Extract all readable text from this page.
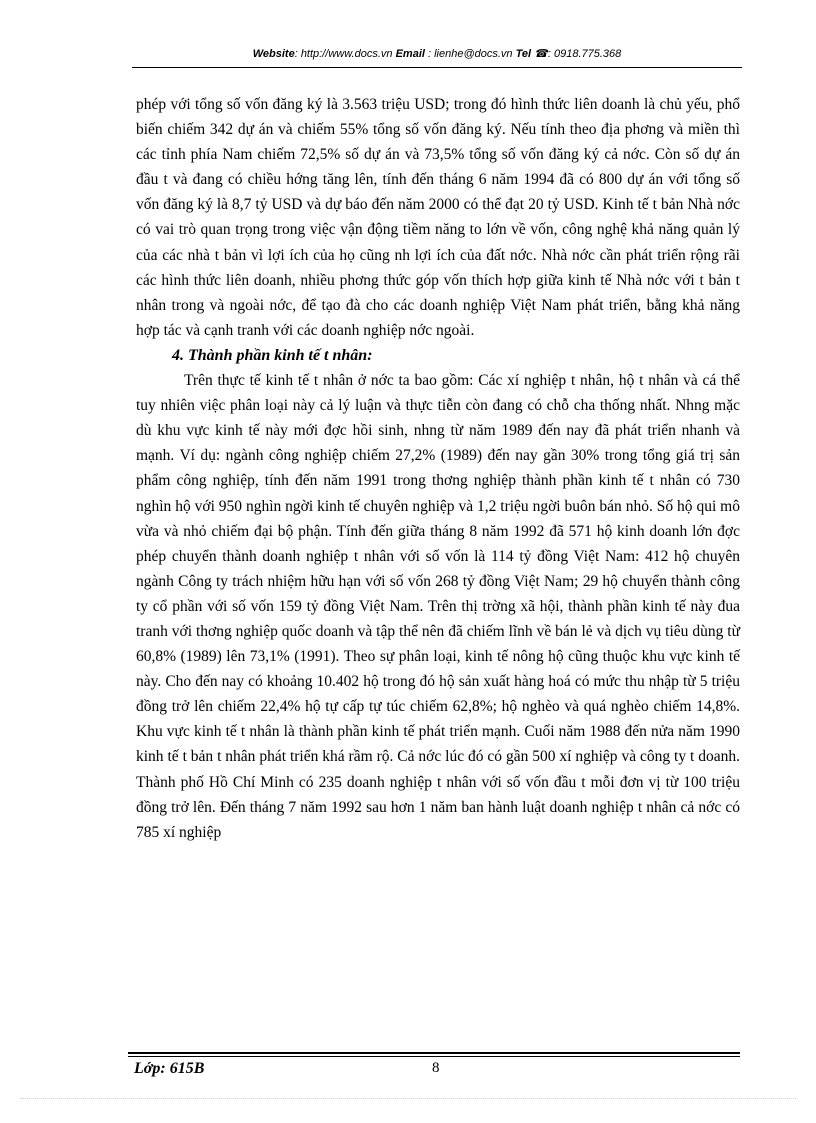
Website: http://www.docs.vn Email : lienhe@docs.vn Tel ☎: 0918.775.368

phép với tổng số vốn đăng ký là 3.563 triệu USD; trong đó hình thức liên doanh là chủ yếu, phổ biến chiếm 342 dự án và chiếm 55% tổng số vốn đăng ký. Nếu tính theo địa phơng và miền thì các tỉnh phía Nam chiếm 72,5% số dự án và 73,5% tổng số vốn đăng ký cả nớc. Còn số dự án đầu t và đang có chiều hớng tăng lên, tính đến tháng 6 năm 1994 đã có 800 dự án với tổng số vốn đăng ký là 8,7 tỷ USD và dự báo đến năm 2000 có thể đạt 20 tỷ USD. Kinh tế t bản Nhà nớc có vai trò quan trọng trong việc vận động tiềm năng to lớn về vốn, công nghệ khả năng quản lý của các nhà t bản vì lợi ích của họ cũng nh lợi ích của đất nớc. Nhà nớc cần phát triển rộng rãi các hình thức liên doanh, nhiều phơng thức góp vốn thích hợp giữa kinh tế Nhà nớc với t bản t nhân trong và ngoài nớc, để tạo đà cho các doanh nghiệp Việt Nam phát triển, bằng khả năng hợp tác và cạnh tranh với các doanh nghiệp nớc ngoài.

4. Thành phần kinh tế t nhân:

Trên thực tế kinh tế t nhân ở nớc ta bao gồm: Các xí nghiệp t nhân, hộ t nhân và cá thể tuy nhiên việc phân loại này cả lý luận và thực tiễn còn đang có chỗ cha thống nhất. Nhng mặc dù khu vực kinh tế này mới đợc hồi sinh, nhng từ năm 1989 đến nay đã phát triển nhanh và mạnh. Ví dụ: ngành công nghiệp chiếm 27,2% (1989) đến nay gần 30% trong tổng giá trị sản phẩm công nghiệp, tính đến năm 1991 trong thơng nghiệp thành phần kinh tế t nhân có 730 nghìn hộ với 950 nghìn ngời kinh tế chuyên nghiệp và 1,2 triệu ngời buôn bán nhỏ. Số hộ qui mô vừa và nhỏ chiếm đại bộ phận. Tính đến giữa tháng 8 năm 1992 đã 571 hộ kinh doanh lớn đợc phép chuyển thành doanh nghiệp t nhân với số vốn là 114 tỷ đồng Việt Nam: 412 hộ chuyên ngành Công ty trách nhiệm hữu hạn với số vốn 268 tỷ đồng Việt Nam; 29 hộ chuyển thành công ty cổ phần với số vốn 159 tỷ đồng Việt Nam. Trên thị trờng xã hội, thành phần kinh tế này đua tranh với thơng nghiệp quốc doanh và tập thể nên đã chiếm lĩnh về bán lẻ và dịch vụ tiêu dùng từ 60,8% (1989) lên 73,1% (1991). Theo sự phân loại, kinh tế nông hộ cũng thuộc khu vực kinh tế này. Cho đến nay có khoảng 10.402 hộ trong đó hộ sản xuất hàng hoá có mức thu nhập từ 5 triệu đồng trở lên chiếm 22,4% hộ tự cấp tự túc chiếm 62,8%; hộ nghèo và quá nghèo chiếm 14,8%. Khu vực kinh tế t nhân là thành phần kinh tế phát triển mạnh. Cuối năm 1988 đến nửa năm 1990 kinh tế t bản t nhân phát triển khá rầm rộ. Cả nớc lúc đó có gần 500 xí nghiệp và công ty t doanh. Thành phố Hồ Chí Minh có 235 doanh nghiệp t nhân với số vốn đầu t mỗi đơn vị từ 100 triệu đồng trở lên. Đến tháng 7 năm 1992 sau hơn 1 năm ban hành luật doanh nghiệp t nhân cả nớc có 785 xí nghiệp

Lớp: 615B	8
